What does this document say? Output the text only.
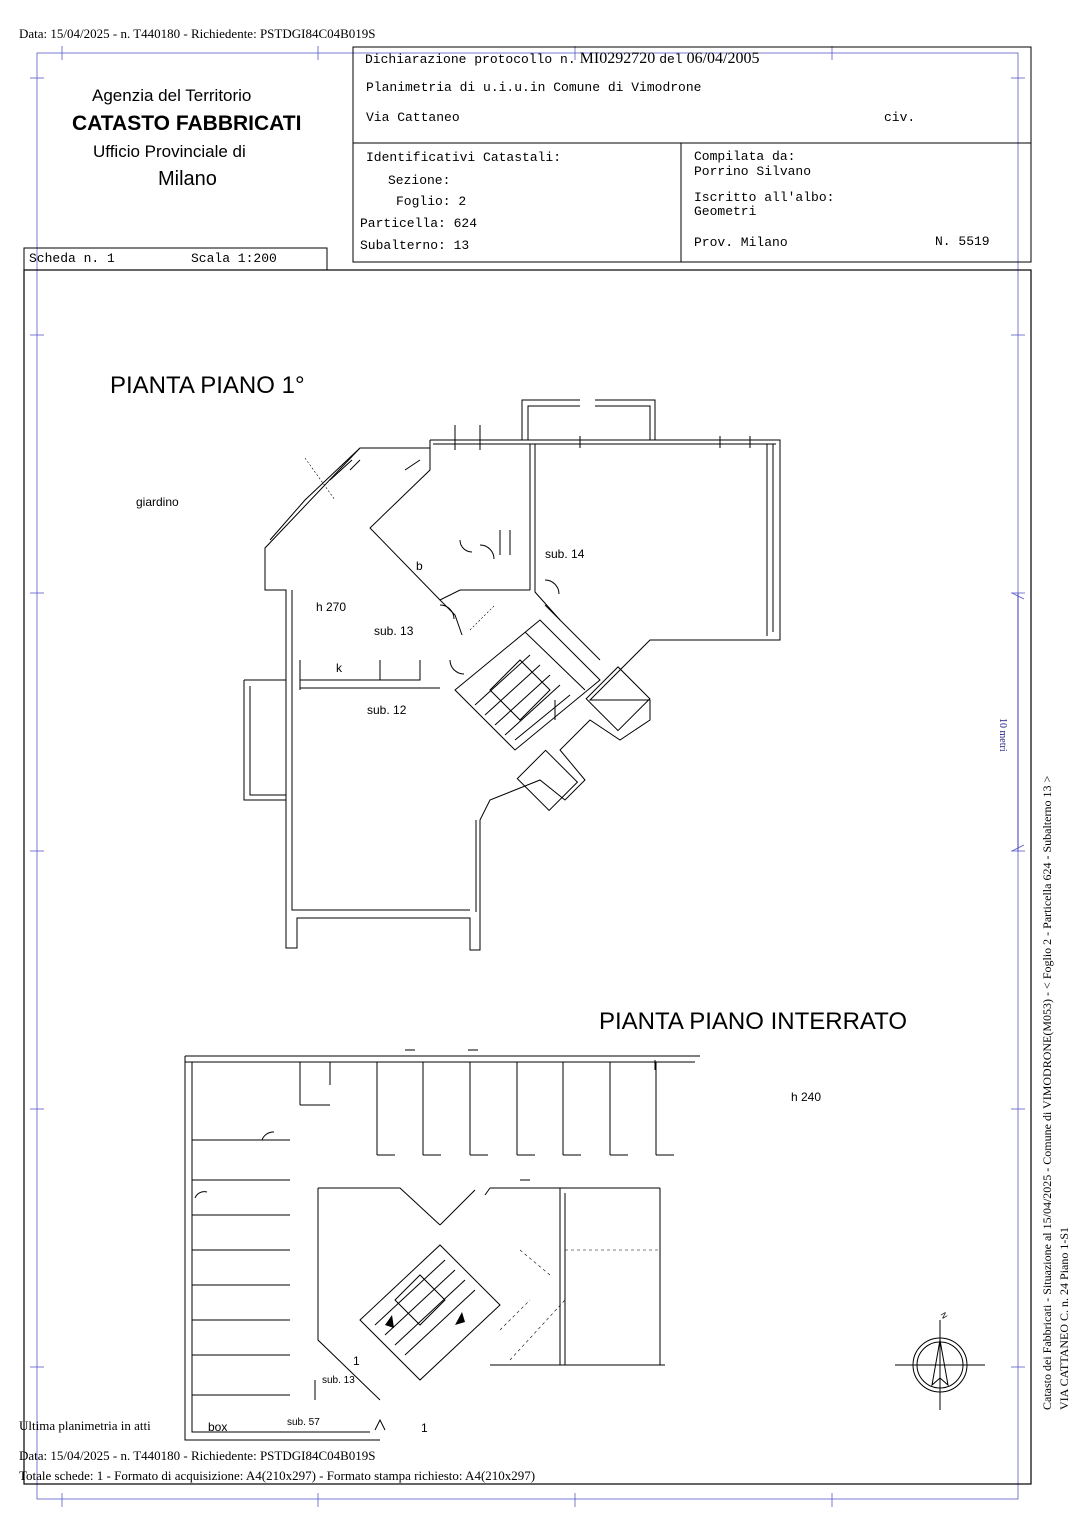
Data: 15/04/2025 - n. T440180 - Richiedente: PSTDGI84C04B019S
Agenzia del Territorio
CATASTO FABBRICATI
Ufficio Provinciale di
Milano
Dichiarazione protocollo n. MI0292720 del 06/04/2005
Planimetria di u.i.u.in Comune di Vimodrone
Via Cattaneo	civ.
Identificativi Catastali:
Sezione:
Foglio: 2
Particella: 624
Subalterno: 13
Compilata da:
Porrino Silvano
Iscritto all'albo:
Geometri
Prov. Milano	N. 5519
Scheda n. 1	Scala 1:200
PIANTA PIANO 1°
PIANTA PIANO INTERRATO
giardino
b
sub. 14
h 270
sub. 13
k
sub. 12
h 240
1
sub. 13
box	sub. 57	1
N
10 metri
Catasto dei Fabbricati - Situazione al 15/04/2025 - Comune di VIMODRONE(M053) - < Foglio 2 - Particella 624 - Subalterno 13 > VIA CATTANEO C. n. 24 Piano 1-S1
Ultima planimetria in atti
Data: 15/04/2025 - n. T440180 - Richiedente: PSTDGI84C04B019S
Totale schede: 1 - Formato di acquisizione: A4(210x297) - Formato stampa richiesto: A4(210x297)
